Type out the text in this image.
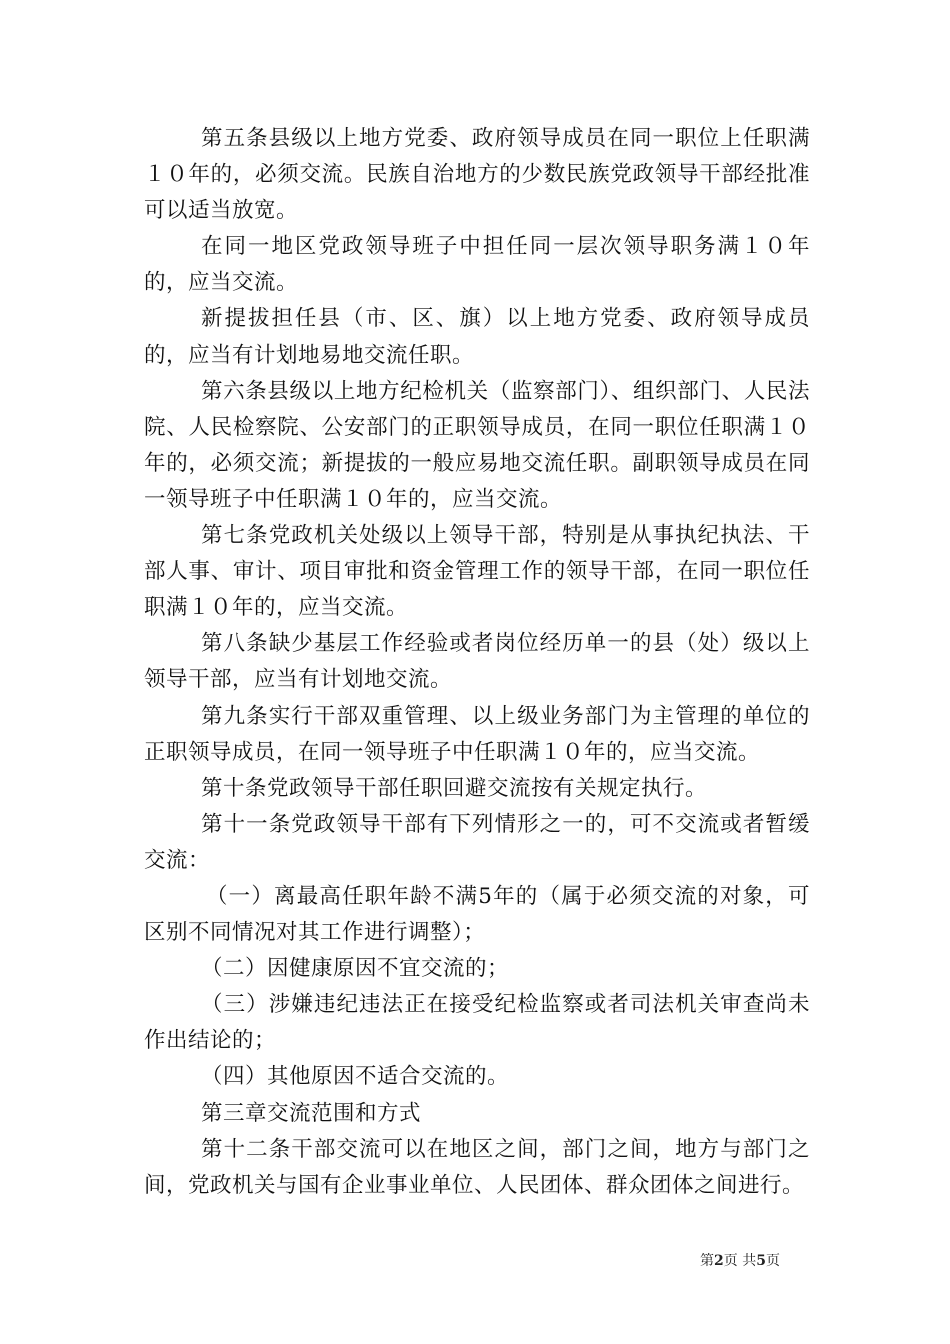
第五条县级以上地方党委、政府领导成员在同一职位上任职满１０年的，必须交流。民族自治地方的少数民族党政领导干部经批准可以适当放宽。

在同一地区党政领导班子中担任同一层次领导职务满１０年的，应当交流。

新提拔担任县（市、区、旗）以上地方党委、政府领导成员的，应当有计划地易地交流任职。

第六条县级以上地方纪检机关（监察部门）、组织部门、人民法院、人民检察院、公安部门的正职领导成员，在同一职位任职满１０年的，必须交流；新提拔的一般应易地交流任职。副职领导成员在同一领导班子中任职满１０年的，应当交流。

第七条党政机关处级以上领导干部，特别是从事执纪执法、干部人事、审计、项目审批和资金管理工作的领导干部，在同一职位任职满１０年的，应当交流。

第八条缺少基层工作经验或者岗位经历单一的县（处）级以上领导干部，应当有计划地交流。

第九条实行干部双重管理、以上级业务部门为主管理的单位的正职领导成员，在同一领导班子中任职满１０年的，应当交流。

第十条党政领导干部任职回避交流按有关规定执行。

第十一条党政领导干部有下列情形之一的，可不交流或者暂缓交流：

（一）离最高任职年龄不满5年的（属于必须交流的对象，可区别不同情况对其工作进行调整）；

（二）因健康原因不宜交流的；

（三）涉嫌违纪违法正在接受纪检监察或者司法机关审查尚未作出结论的；

（四）其他原因不适合交流的。

第三章交流范围和方式

第十二条干部交流可以在地区之间，部门之间，地方与部门之间，党政机关与国有企业事业单位、人民团体、群众团体之间进行。

第2页 共5页
